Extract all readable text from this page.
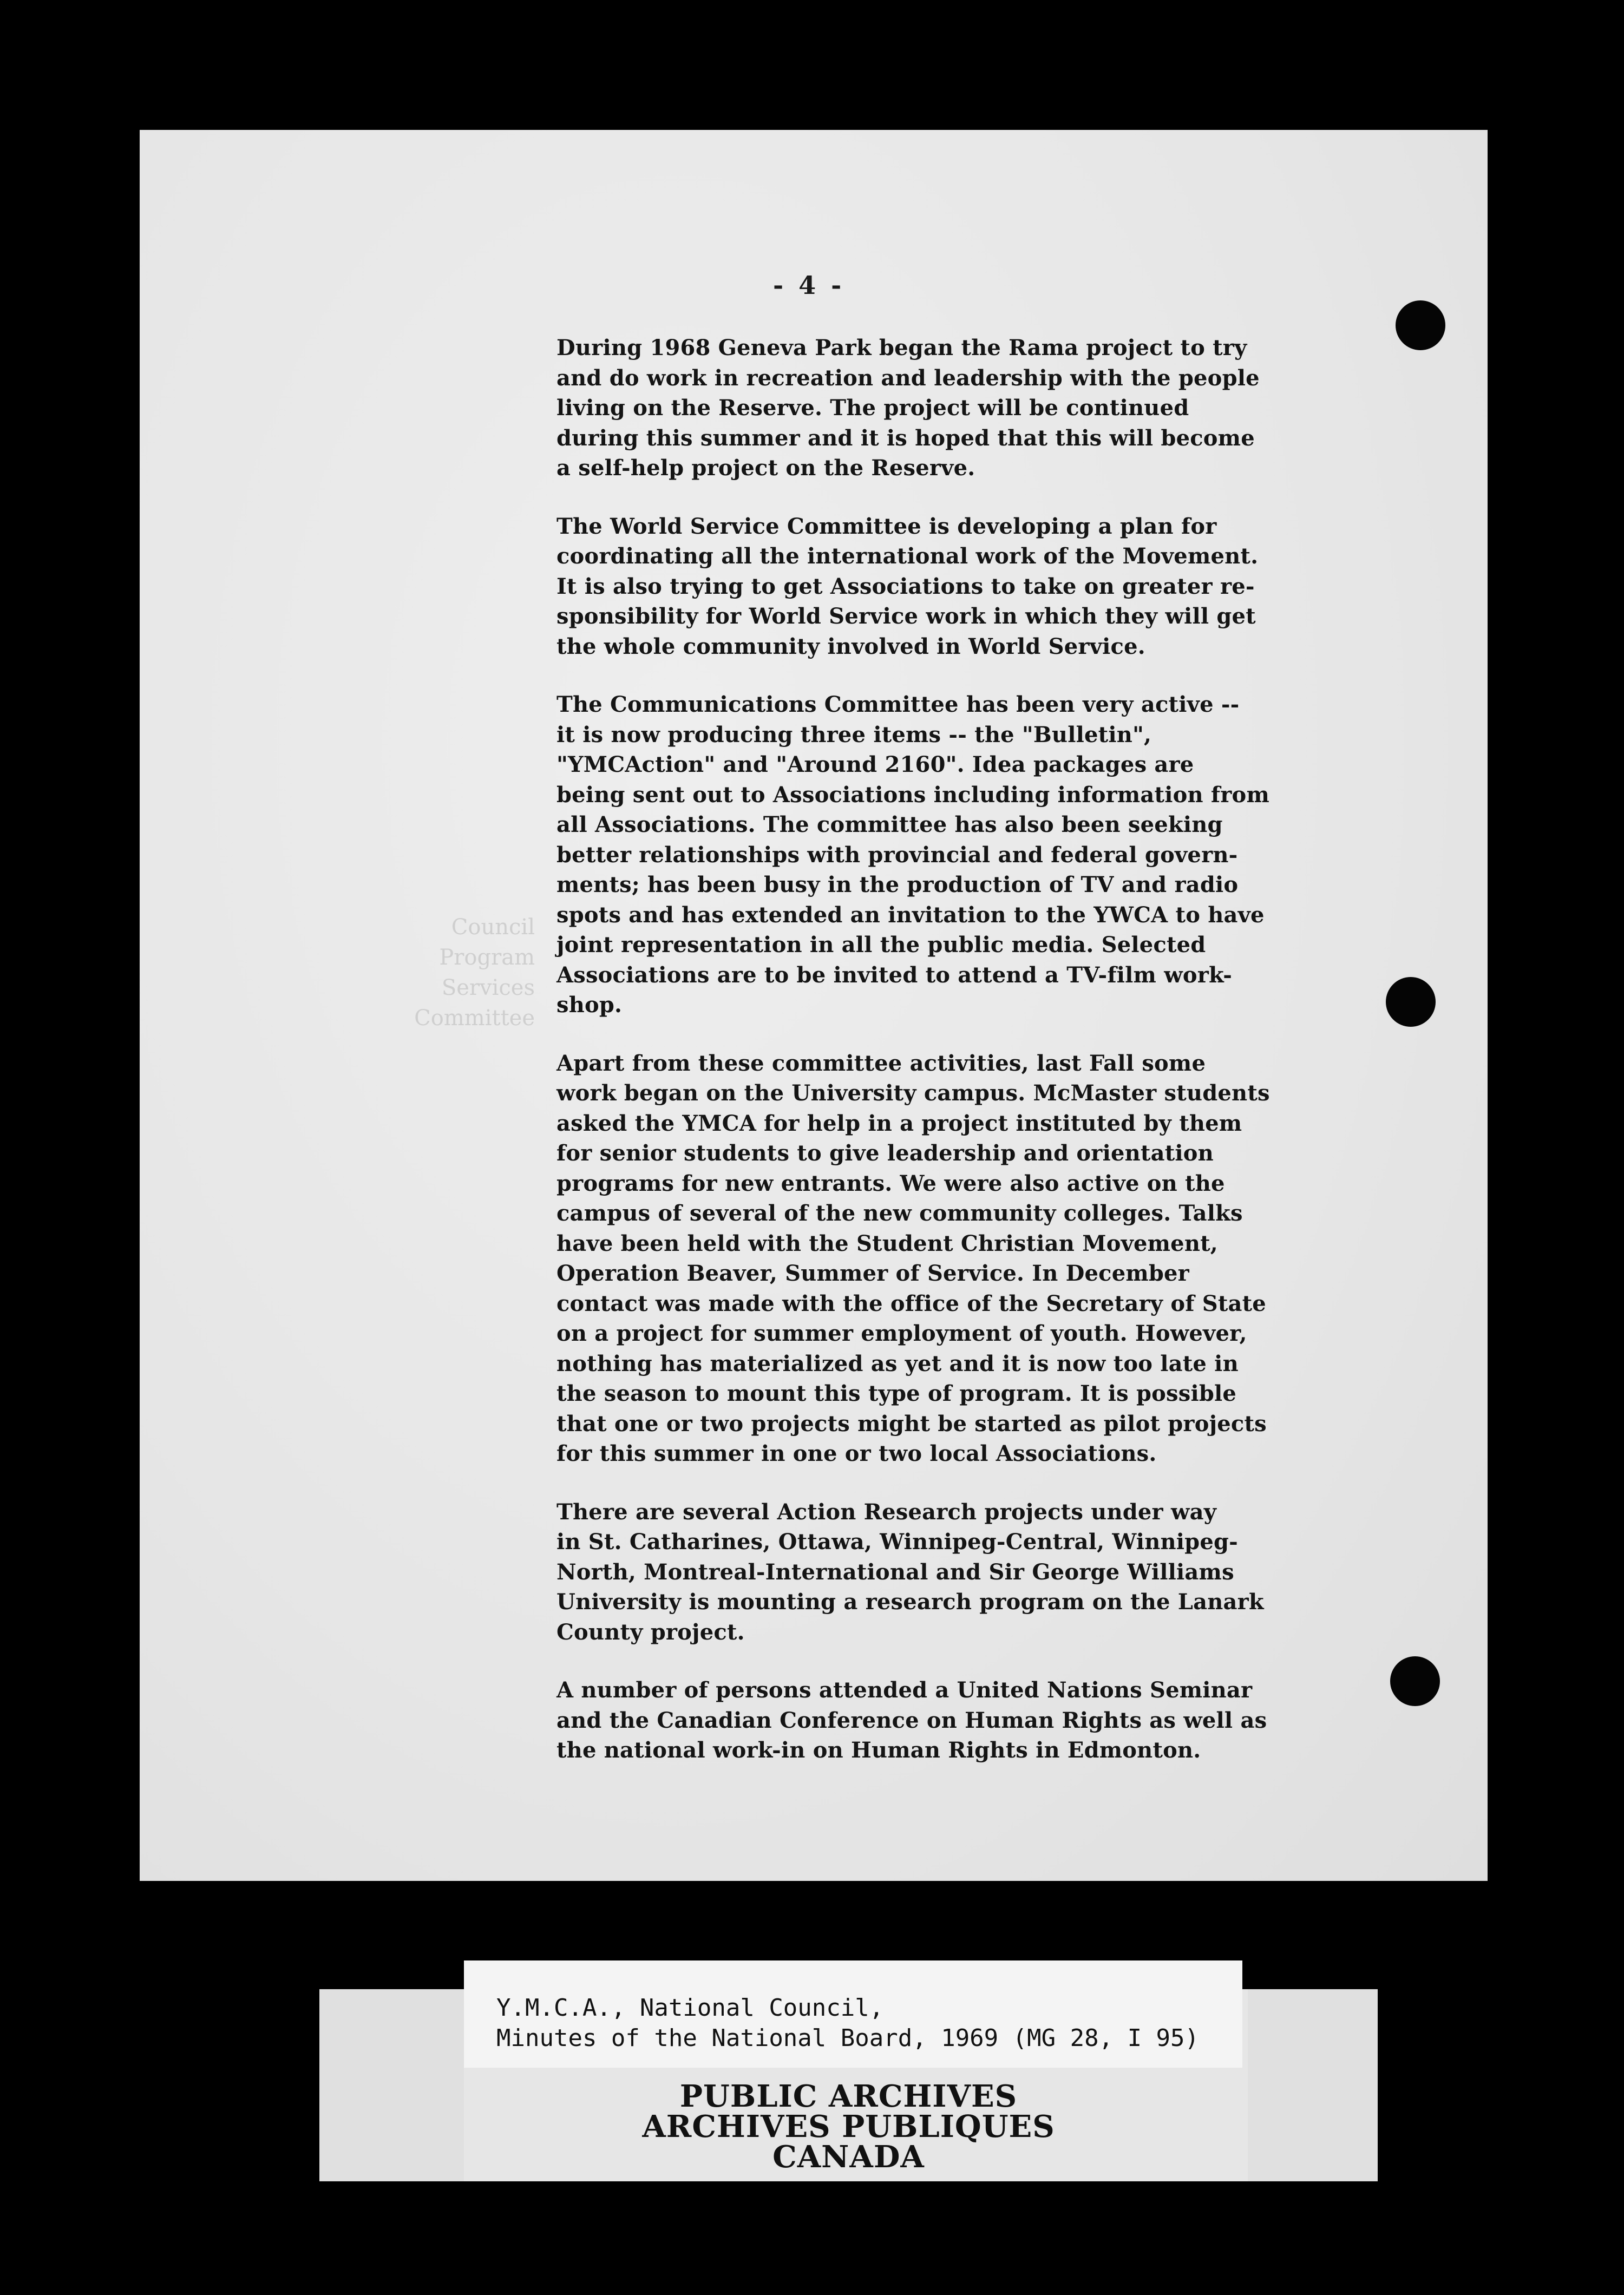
Council
Program
Services
Committee
- 4 -
During 1968 Geneva Park began the Rama project to try
and do work in recreation and leadership with the people
living on the Reserve. The project will be continued
during this summer and it is hoped that this will become
a self-help project on the Reserve.
The World Service Committee is developing a plan for
coordinating all the international work of the Movement.
It is also trying to get Associations to take on greater re-
sponsibility for World Service work in which they will get
the whole community involved in World Service.
The Communications Committee has been very active --
it is now producing three items -- the "Bulletin",
"YMCAction" and "Around 2160". Idea packages are
being sent out to Associations including information from
all Associations. The committee has also been seeking
better relationships with provincial and federal govern-
ments; has been busy in the production of TV and radio
spots and has extended an invitation to the YWCA to have
joint representation in all the public media. Selected
Associations are to be invited to attend a TV-film work-
shop.
Apart from these committee activities, last Fall some
work began on the University campus. McMaster students
asked the YMCA for help in a project instituted by them
for senior students to give leadership and orientation
programs for new entrants. We were also active on the
campus of several of the new community colleges. Talks
have been held with the Student Christian Movement,
Operation Beaver, Summer of Service. In December
contact was made with the office of the Secretary of State
on a project for summer employment of youth. However,
nothing has materialized as yet and it is now too late in
the season to mount this type of program. It is possible
that one or two projects might be started as pilot projects
for this summer in one or two local Associations.
There are several Action Research projects under way
in St. Catharines, Ottawa, Winnipeg-Central, Winnipeg-
North, Montreal-International and Sir George Williams
University is mounting a research program on the Lanark
County project.
A number of persons attended a United Nations Seminar
and the Canadian Conference on Human Rights as well as
the national work-in on Human Rights in Edmonton.
PUBLIC ARCHIVES
ARCHIVES PUBLIQUES
CANADA
Y.M.C.A., National Council,
Minutes of the National Board, 1969 (MG 28, I 95)
